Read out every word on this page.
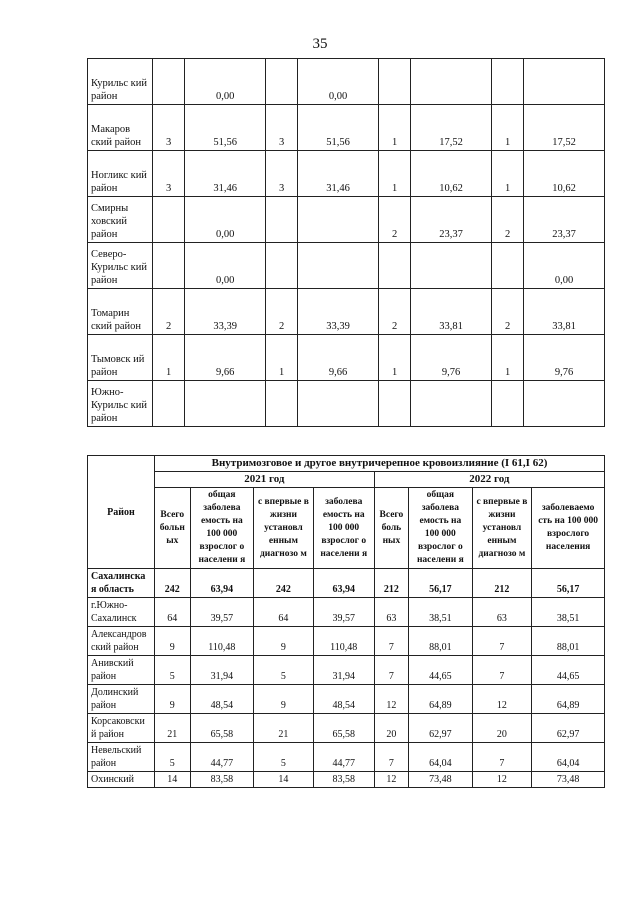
35
Курильс кий район		0,00		0,00				
Макаров ский район	3	51,56	3	51,56	1	17,52	1	17,52
Ногликс кий район	3	31,46	3	31,46	1	10,62	1	10,62
Смирны ховский район		0,00			2	23,37	2	23,37
Северо-Курильс кий район		0,00						0,00
Томарин ский район	2	33,39	2	33,39	2	33,81	2	33,81
Тымовск ий район	1	9,66	1	9,66	1	9,76	1	9,76
Южно-Курильс кий район								
Район	Внутримозговое и другое внутричерепное кровоизлияние (I 61,I 62)							
	2021 год				2022 год			
	Всего больн ых	общая заболева емость на 100 000 взрослог о населени я	с впервые в жизни установл енным диагнозо м	заболева емость на 100 000 взрослог о населени я	Всего боль ных	общая заболева емость на 100 000 взрослог о населени я	с впервые в жизни установл енным диагнозо м	заболеваемо сть на 100 000 взрослого населения
Сахалинска я область	242	63,94	242	63,94	212	56,17	212	56,17
г.Южно-Сахалинск	64	39,57	64	39,57	63	38,51	63	38,51
Александров ский район	9	110,48	9	110,48	7	88,01	7	88,01
Анивский район	5	31,94	5	31,94	7	44,65	7	44,65
Долинский район	9	48,54	9	48,54	12	64,89	12	64,89
Корсаковски й район	21	65,58	21	65,58	20	62,97	20	62,97
Невельский район	5	44,77	5	44,77	7	64,04	7	64,04
Охинский	14	83,58	14	83,58	12	73,48	12	73,48
